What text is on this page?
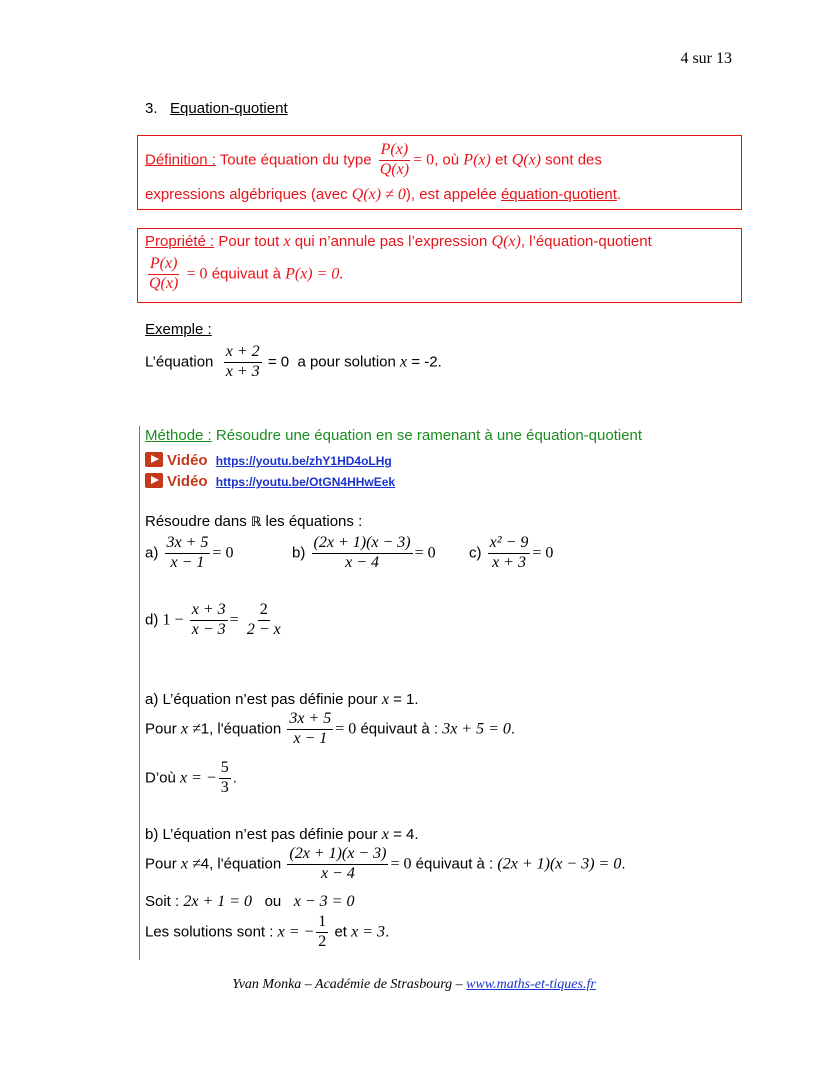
4 sur 13
3. Equation-quotient
Définition : Toute équation du type $\frac{P(x)}{Q(x)} = 0$, où P(x) et Q(x) sont des
expressions algébriques (avec Q(x) ≠ 0), est appelée équation-quotient.
Propriété : Pour tout x qui n’annule pas l’expression Q(x), l’équation-quotient
$\frac{P(x)}{Q(x)} = 0$ équivaut à P(x) = 0.
Exemple :
L’équation $\frac{x + 2}{x + 3} = 0$ a pour solution x = -2.
Méthode : Résoudre une équation en se ramenant à une équation-quotient
Vidéo https://youtu.be/zhY1HD4oLHg
Vidéo https://youtu.be/OtGN4HHwEek
Résoudre dans ℝ les équations :
$a) \frac{3x + 5}{x - 1} = 0$	$b) \frac{(2x + 1)(x - 3)}{x - 4} = 0$ $c) \frac{\text{x² − 9}}{x + 3} = 0$
d) $1 - \frac{x + 3}{x - 3} = \frac{2}{2 - x}$
a) L’équation n’est pas définie pour x = 1.
Pour x ≠1, l'équation $\frac{3x + 5}{x - 1} = 0$ équivaut à : 3x + 5 = 0.
D’où x = − $\frac{5}{3}$ .
b) L’équation n’est pas définie pour x = 4.
Pour x ≠4, l'équation $\frac{(2x + 1)(x - 3)}{x - 4} = 0$ équivaut à : (2x + 1)(x − 3) = 0.
Soit : 2x + 1 = 0 ou x − 3 = 0
Les solutions sont : x = − $\frac{1}{2}$ et x = 3.
Yvan Monka – Académie de Strasbourg – www.maths-et-tiques.fr
